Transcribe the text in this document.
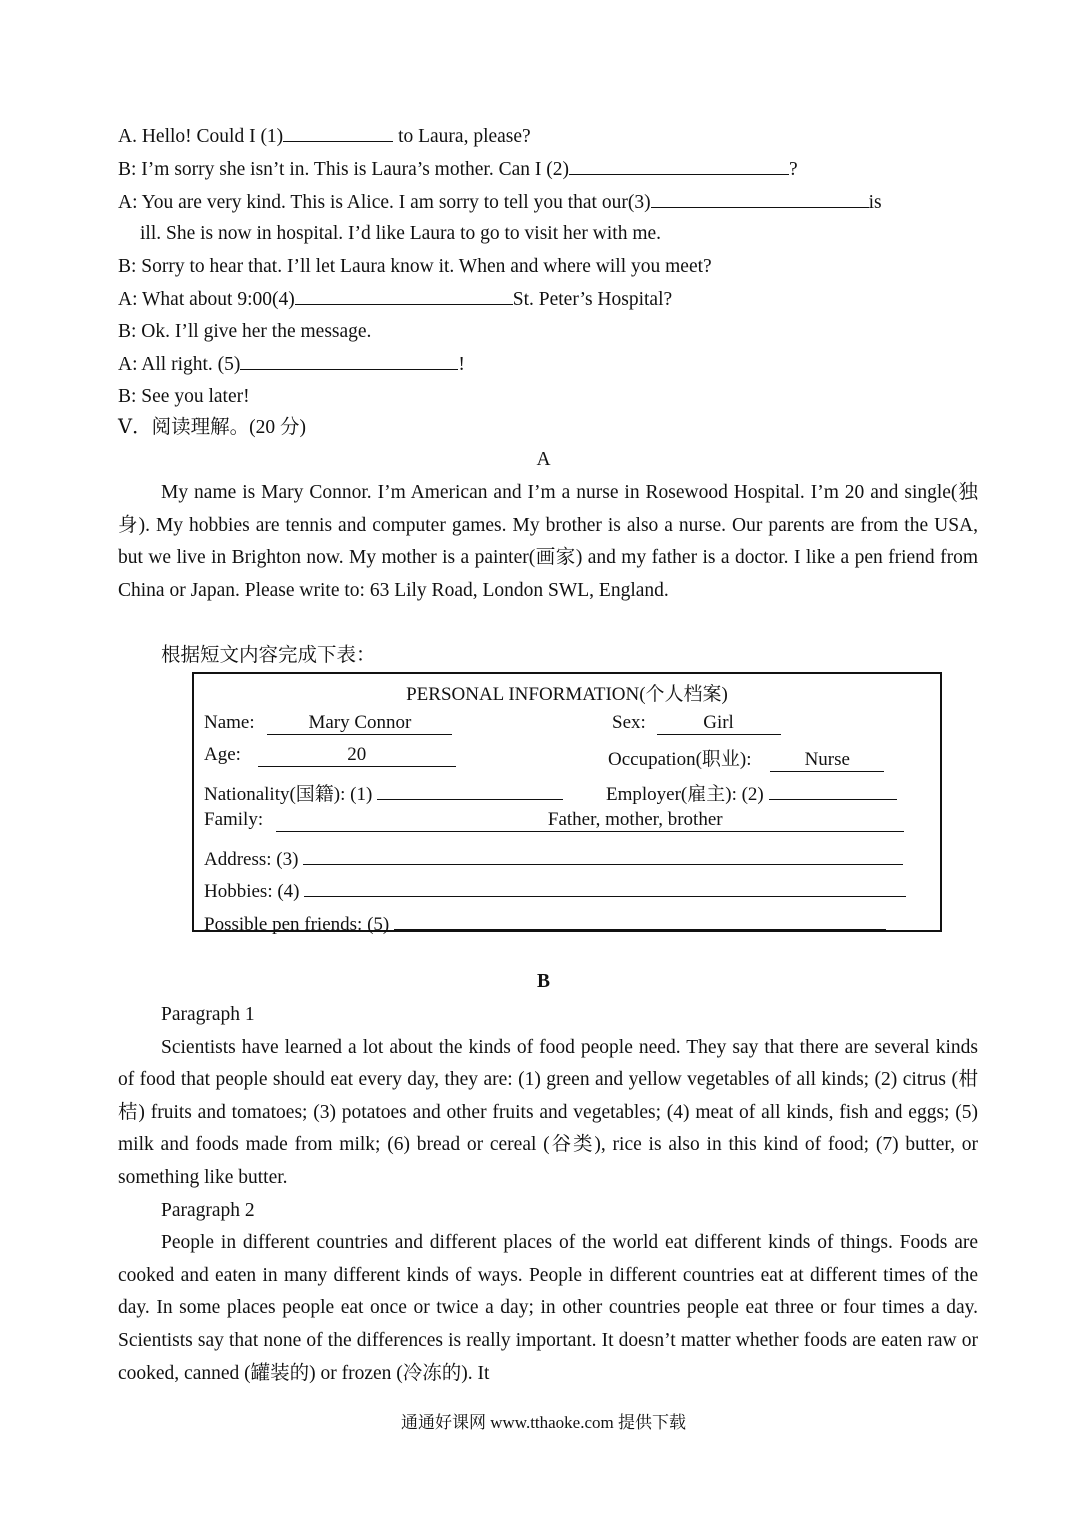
A. Hello! Could I (1)	to Laura, please?
B: I’m sorry she isn’t in. This is Laura’s mother. Can I (2)	?
A: You are very kind. This is Alice. I am sorry to tell you that our(3)	is
ill. She is now in hospital. I’d like Laura to go to visit her with me.
B: Sorry to hear that. I’ll let Laura know it. When and where will you meet?
A: What about 9:00(4)	St. Peter’s Hospital?
B: Ok. I’ll give her the message.
A: All right. (5)	!
B: See you later!
Ⅴ．阅读理解。(20 分)
A

My name is Mary Connor. I’m American and I’m a nurse in Rosewood Hospital. I’m 20 and single(独身). My hobbies are tennis and computer games. My brother is also a nurse. Our parents are from the USA, but we live in Brighton now. My mother is a painter(画家) and my father is a doctor. I like a pen friend from China or Japan. Please write to: 63 Lily Road, London SWL, England.

根据短文内容完成下表：
PERSONAL INFORMATION(个人档案)
Name:	Mary Connor	Sex:	Girl
Age:	20	Occupation(职业):	Nurse
Nationality(国籍): (1)	Employer(雇主): (2)
Family:	Father, mother, brother
Address: (3)
Hobbies: (4)
Possible pen friends: (5)
B

Paragraph 1

Scientists have learned a lot about the kinds of food people need. They say that there are several kinds of food that people should eat every day, they are: (1) green and yellow vegetables of all kinds; (2) citrus (柑桔) fruits and tomatoes; (3) potatoes and other fruits and vegetables; (4) meat of all kinds, fish and eggs; (5) milk and foods made from milk; (6) bread or cereal (谷类), rice is also in this kind of food; (7) butter, or something like butter.

Paragraph 2

People in different countries and different places of the world eat different kinds of things. Foods are cooked and eaten in many different kinds of ways. People in different countries eat at different times of the day. In some places people eat once or twice a day; in other countries people eat three or four times a day. Scientists say that none of the differences is really important. It doesn’t matter whether foods are eaten raw or cooked, canned (罐装的) or frozen (冷冻的). It

通通好课网 www.tthaoke.com 提供下载
